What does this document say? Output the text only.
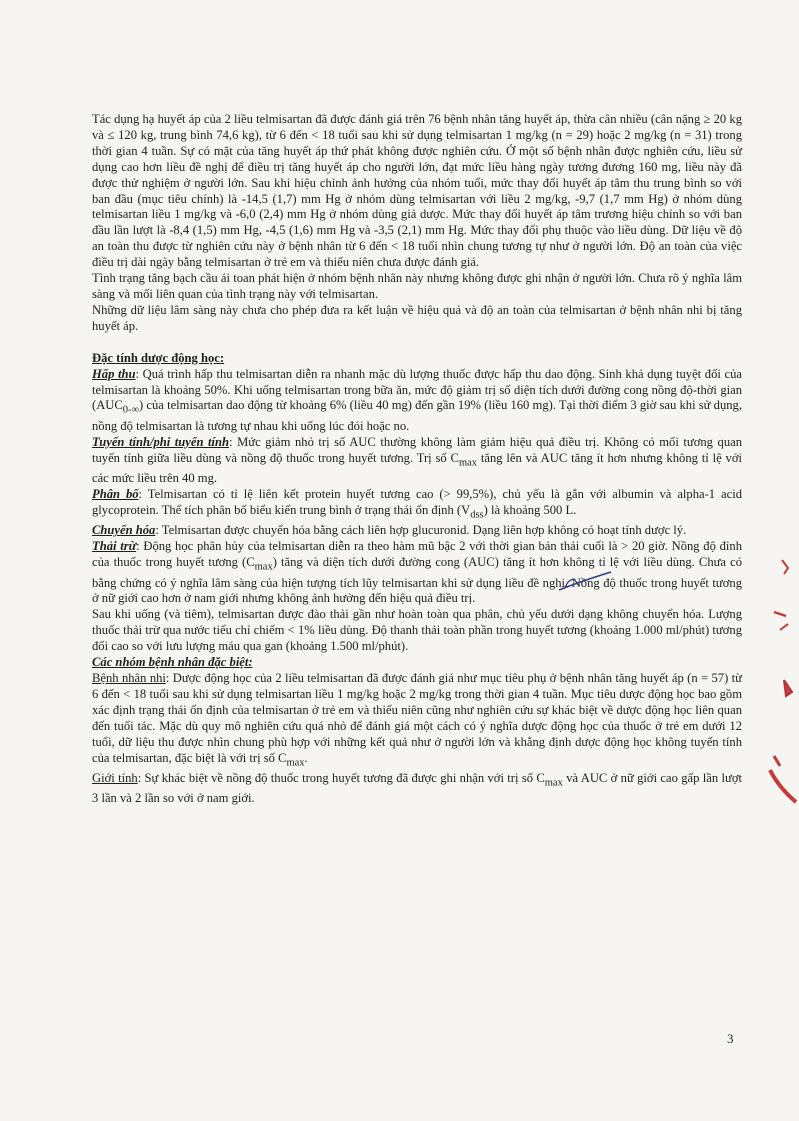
Tác dụng hạ huyết áp của 2 liều telmisartan đã được đánh giá trên 76 bệnh nhân tăng huyết áp, thừa cân nhiều (cân nặng ≥ 20 kg và ≤ 120 kg, trung bình 74,6 kg), từ 6 đến < 18 tuổi sau khi sử dụng telmisartan 1 mg/kg (n = 29) hoặc 2 mg/kg (n = 31) trong thời gian 4 tuần. Sự có mặt của tăng huyết áp thứ phát không được nghiên cứu. Ở một số bệnh nhân được nghiên cứu, liều sử dụng cao hơn liều đề nghị để điều trị tăng huyết áp cho người lớn, đạt mức liều hàng ngày tương đương 160 mg, liều này đã được thử nghiệm ở người lớn. Sau khi hiệu chỉnh ảnh hưởng của nhóm tuổi, mức thay đổi huyết áp tâm thu trung bình so với ban đầu (mục tiêu chính) là -14,5 (1,7) mm Hg ở nhóm dùng telmisartan với liều 2 mg/kg, -9,7 (1,7 mm Hg) ở nhóm dùng telmisartan liều 1 mg/kg và -6,0 (2,4) mm Hg ở nhóm dùng giả dược. Mức thay đổi huyết áp tâm trương hiệu chỉnh so với ban đầu lần lượt là -8,4 (1,5) mm Hg, -4,5 (1,6) mm Hg và -3,5 (2,1) mm Hg. Mức thay đổi phụ thuộc vào liều dùng. Dữ liệu về độ an toàn thu được từ nghiên cứu này ở bệnh nhân từ 6 đến < 18 tuổi nhìn chung tương tự như ở người lớn. Độ an toàn của việc điều trị dài ngày bằng telmisartan ở trẻ em và thiếu niên chưa được đánh giá.

Tình trạng tăng bạch cầu ái toan phát hiện ở nhóm bệnh nhân này nhưng không được ghi nhận ở người lớn. Chưa rõ ý nghĩa lâm sàng và mối liên quan của tình trạng này với telmisartan.

Những dữ liệu lâm sàng này chưa cho phép đưa ra kết luận về hiệu quả và độ an toàn của telmisartan ở bệnh nhân nhi bị tăng huyết áp.

Đặc tính dược động học:

Hấp thu: Quá trình hấp thu telmisartan diễn ra nhanh mặc dù lượng thuốc được hấp thu dao động. Sinh khả dụng tuyệt đối của telmisartan là khoảng 50%. Khi uống telmisartan trong bữa ăn, mức độ giảm trị số diện tích dưới đường cong nồng độ-thời gian $(AUC_{0-\infty})$ của telmisartan dao động từ khoảng 6% (liều 40 mg) đến gần 19% (liều 160 mg). Tại thời điểm 3 giờ sau khi sử dụng, nồng độ telmisartan là tương tự nhau khi uống lúc đói hoặc no.

Tuyến tính/phi tuyến tính: Mức giảm nhỏ trị số AUC thường không làm giảm hiệu quả điều trị. Không có mối tương quan tuyến tính giữa liều dùng và nồng độ thuốc trong huyết tương. Trị số $C_{max}$ tăng lên và AUC tăng ít hơn nhưng không tỉ lệ với các mức liều trên 40 mg.

Phân bố: Telmisartan có tỉ lệ liên kết protein huyết tương cao (> 99,5%), chủ yếu là gắn với albumin và alpha-1 acid glycoprotein. Thể tích phân bố biểu kiến trung bình ở trạng thái ổn định $(V_{dss})$ là khoảng 500 L.

Chuyển hóa: Telmisartan được chuyển hóa bằng cách liên hợp glucuronid. Dạng liên hợp không có hoạt tính dược lý.

Thải trừ: Động học phân hủy của telmisartan diễn ra theo hàm mũ bậc 2 với thời gian bán thải cuối là > 20 giờ. Nồng độ đỉnh của thuốc trong huyết tương $(C_{max})$ tăng và diện tích dưới đường cong (AUC) tăng ít hơn không tỉ lệ với liều dùng. Chưa có bằng chứng có ý nghĩa lâm sàng của hiện tượng tích lũy telmisartan khi sử dụng liều đề nghị. Nồng độ thuốc trong huyết tương ở nữ giới cao hơn ở nam giới nhưng không ảnh hưởng đến hiệu quả điều trị.

Sau khi uống (và tiêm), telmisartan được đào thải gần như hoàn toàn qua phân, chủ yếu dưới dạng không chuyển hóa. Lượng thuốc thải trừ qua nước tiểu chỉ chiếm < 1% liều dùng. Độ thanh thải toàn phần trong huyết tương (khoảng 1.000 ml/phút) tương đối cao so với lưu lượng máu qua gan (khoảng 1.500 ml/phút).

Các nhóm bệnh nhân đặc biệt:

Bệnh nhân nhi: Dược động học của 2 liều telmisartan đã được đánh giá như mục tiêu phụ ở bệnh nhân tăng huyết áp (n = 57) từ 6 đến < 18 tuổi sau khi sử dụng telmisartan liều 1 mg/kg hoặc 2 mg/kg trong thời gian 4 tuần. Mục tiêu dược động học bao gồm xác định trạng thái ổn định của telmisartan ở trẻ em và thiếu niên cũng như nghiên cứu sự khác biệt về dược động học liên quan đến tuổi tác. Mặc dù quy mô nghiên cứu quá nhỏ để đánh giá một cách có ý nghĩa dược động học của thuốc ở trẻ em dưới 12 tuổi, dữ liệu thu được nhìn chung phù hợp với những kết quả như ở người lớn và khẳng định dược động học không tuyến tính của telmisartan, đặc biệt là với trị số $C_{max}$.

Giới tính: Sự khác biệt về nồng độ thuốc trong huyết tương đã được ghi nhận với trị số $C_{max}$ và AUC ở nữ giới cao gấp lần lượt 3 lần và 2 lần so với ở nam giới.

3
